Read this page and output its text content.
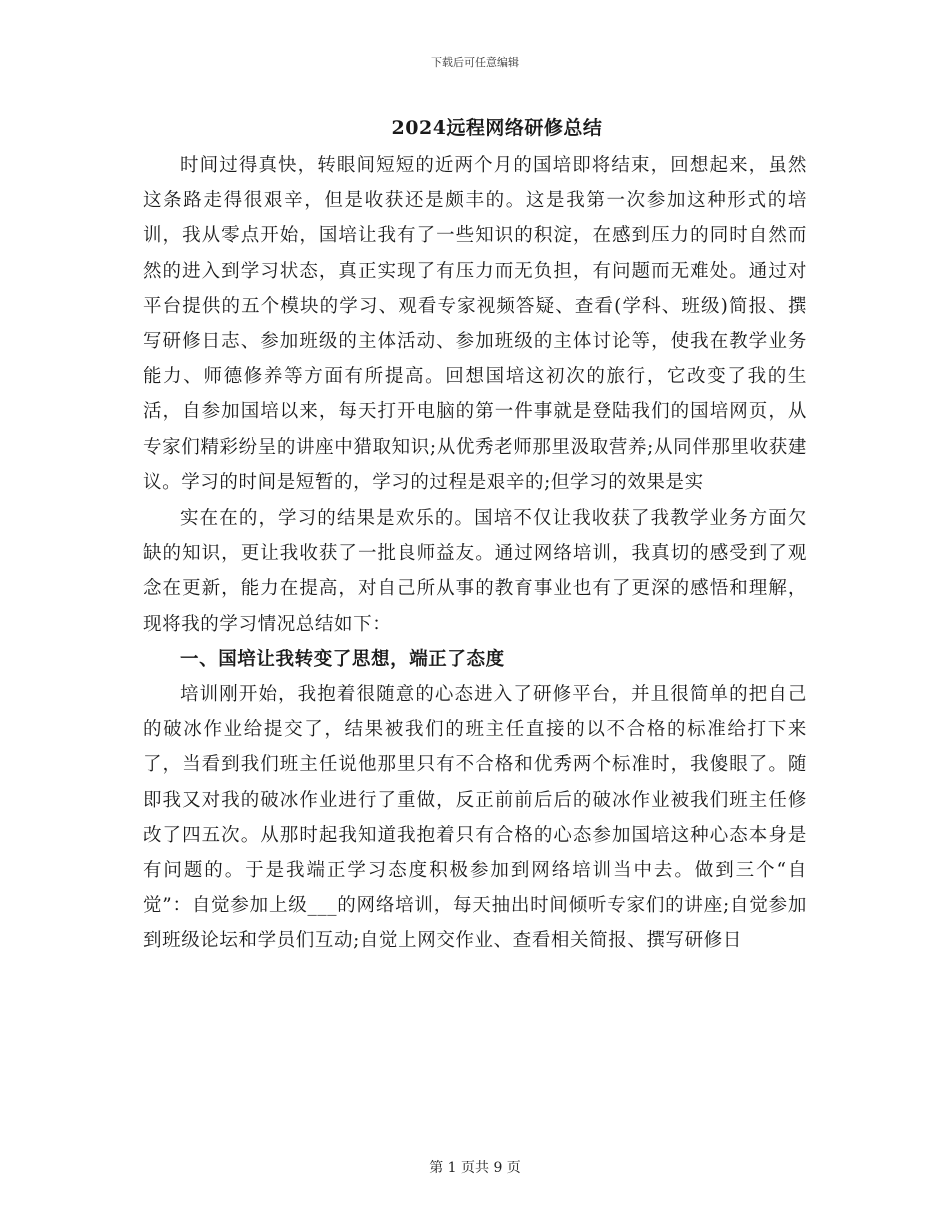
下载后可任意编辑
2024远程网络研修总结

时间过得真快，转眼间短短的近两个月的国培即将结束，回想起来，虽然这条路走得很艰辛，但是收获还是颇丰的。这是我第一次参加这种形式的培训，我从零点开始，国培让我有了一些知识的积淀，在感到压力的同时自然而然的进入到学习状态，真正实现了有压力而无负担，有问题而无难处。通过对平台提供的五个模块的学习、观看专家视频答疑、查看(学科、班级)简报、撰写研修日志、参加班级的主体活动、参加班级的主体讨论等，使我在教学业务能力、师德修养等方面有所提高。回想国培这初次的旅行，它改变了我的生活，自参加国培以来，每天打开电脑的第一件事就是登陆我们的国培网页，从专家们精彩纷呈的讲座中猎取知识;从优秀老师那里汲取营养;从同伴那里收获建议。学习的时间是短暂的，学习的过程是艰辛的;但学习的效果是实

实在在的，学习的结果是欢乐的。国培不仅让我收获了我教学业务方面欠缺的知识，更让我收获了一批良师益友。通过网络培训，我真切的感受到了观念在更新，能力在提高，对自己所从事的教育事业也有了更深的感悟和理解，现将我的学习情况总结如下：

一、国培让我转变了思想，端正了态度

培训刚开始，我抱着很随意的心态进入了研修平台，并且很简单的把自己的破冰作业给提交了，结果被我们的班主任直接的以不合格的标准给打下来了，当看到我们班主任说他那里只有不合格和优秀两个标准时，我傻眼了。随即我又对我的破冰作业进行了重做，反正前前后后的破冰作业被我们班主任修改了四五次。从那时起我知道我抱着只有合格的心态参加国培这种心态本身是有问题的。于是我端正学习态度积极参加到网络培训当中去。做到三个“自觉”：自觉参加上级___的网络培训，每天抽出时间倾听专家们的讲座;自觉参加到班级论坛和学员们互动;自觉上网交作业、查看相关简报、撰写研修日

第 1 页共 9 页
